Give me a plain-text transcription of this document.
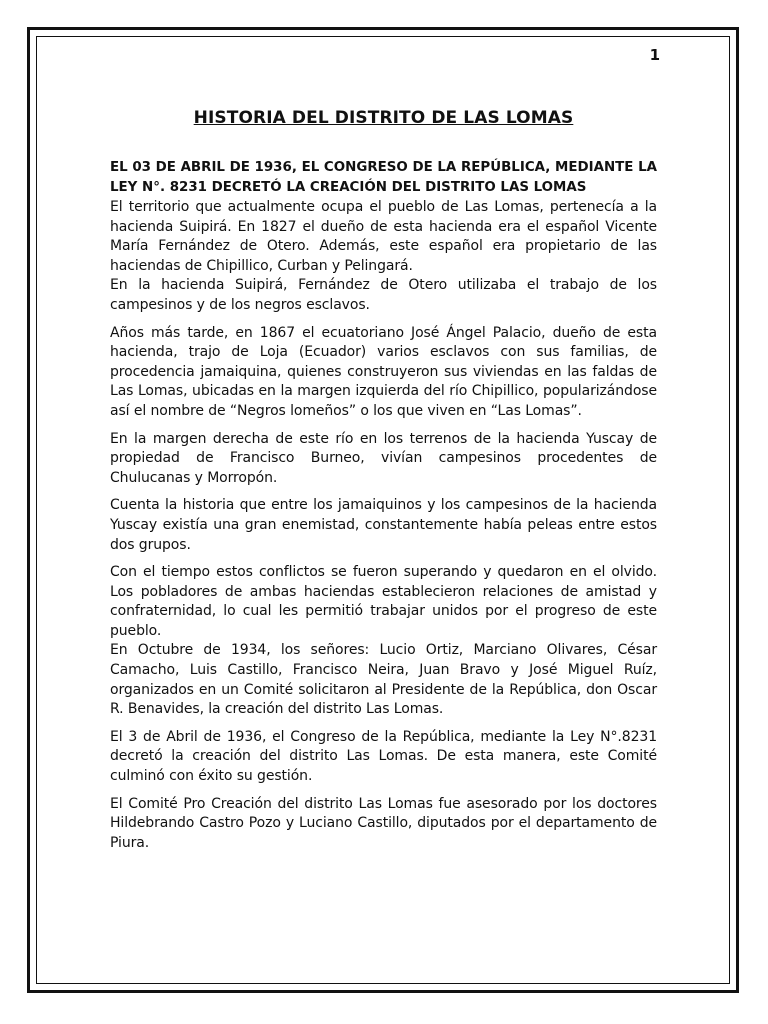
1
HISTORIA DEL DISTRITO DE LAS LOMAS
EL 03 DE ABRIL DE 1936, EL CONGRESO DE LA REPÚBLICA, MEDIANTE LA LEY N°. 8231 DECRETÓ LA CREACIÓN DEL DISTRITO LAS LOMAS

El territorio que actualmente ocupa el pueblo de Las Lomas, pertenecía a la hacienda Suipirá. En 1827 el dueño de esta hacienda era el español Vicente María Fernández de Otero. Además, este español era propietario de las haciendas de Chipillico, Curban y Pelingará.

En la hacienda Suipirá, Fernández de Otero utilizaba el trabajo de los campesinos y de los negros esclavos.

Años más tarde, en 1867 el ecuatoriano José Ángel Palacio, dueño de esta hacienda, trajo de Loja (Ecuador) varios esclavos con sus familias, de procedencia jamaiquina, quienes construyeron sus viviendas en las faldas de Las Lomas, ubicadas en la margen izquierda del río Chipillico, popularizándose así el nombre de “Negros lomeños” o los que viven en “Las Lomas”.

En la margen derecha de este río en los terrenos de la hacienda Yuscay de propiedad de Francisco Burneo, vivían campesinos procedentes de Chulucanas y Morropón.

Cuenta la historia que entre los jamaiquinos y los campesinos de la hacienda Yuscay existía una gran enemistad, constantemente había peleas entre estos dos grupos.

Con el tiempo estos conflictos se fueron superando y quedaron en el olvido. Los pobladores de ambas haciendas establecieron relaciones de amistad y confraternidad, lo cual les permitió trabajar unidos por el progreso de este pueblo.

En Octubre de 1934, los señores: Lucio Ortiz, Marciano Olivares, César Camacho, Luis Castillo, Francisco Neira, Juan Bravo y José Miguel Ruíz, organizados en un Comité solicitaron al Presidente de la República, don Oscar R. Benavides, la creación del distrito Las Lomas.

El 3 de Abril de 1936, el Congreso de la República, mediante la Ley N°.8231 decretó la creación del distrito Las Lomas. De esta manera, este Comité culminó con éxito su gestión.

El Comité Pro Creación del distrito Las Lomas fue asesorado por los doctores Hildebrando Castro Pozo y Luciano Castillo, diputados por el departamento de Piura.
